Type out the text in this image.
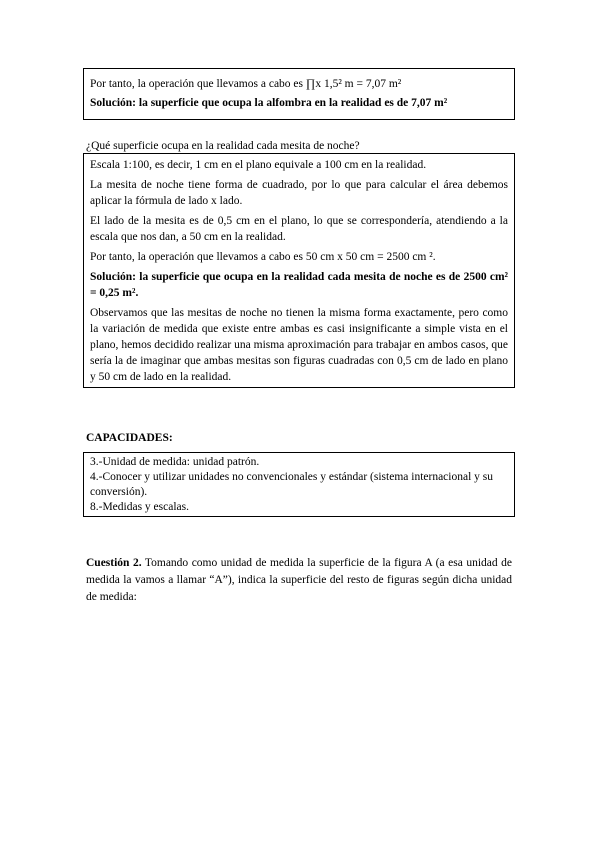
Por tanto, la operación que llevamos a cabo es ∏x 1,5² m = 7,07 m²

Solución: la superficie que ocupa la alfombra en la realidad es de 7,07 m²

¿Qué superficie ocupa en la realidad cada mesita de noche?

Escala 1:100, es decir, 1 cm en el plano equivale a 100 cm en la realidad.

La mesita de noche tiene forma de cuadrado, por lo que para calcular el área debemos aplicar la fórmula de lado x lado.

El lado de la mesita es de 0,5 cm en el plano, lo que se correspondería, atendiendo a la escala que nos dan, a 50 cm en la realidad.

Por tanto, la operación que llevamos a cabo es 50 cm x 50 cm = 2500 cm ².

Solución: la superficie que ocupa en la realidad cada mesita de noche es de 2500 cm² = 0,25 m².

Observamos que las mesitas de noche no tienen la misma forma exactamente, pero como la variación de medida que existe entre ambas es casi insignificante a simple vista en el plano, hemos decidido realizar una misma aproximación para trabajar en ambos casos, que sería la de imaginar que ambas mesitas son figuras cuadradas con 0,5 cm de lado en plano y 50 cm de lado en la realidad.

CAPACIDADES:

3.-Unidad de medida: unidad patrón.

4.-Conocer y utilizar unidades no convencionales y estándar (sistema internacional y su conversión).

8.-Medidas y escalas.

Cuestión 2. Tomando como unidad de medida la superficie de la figura A (a esa unidad de medida la vamos a llamar “A”), indica la superficie del resto de figuras según dicha unidad de medida:
